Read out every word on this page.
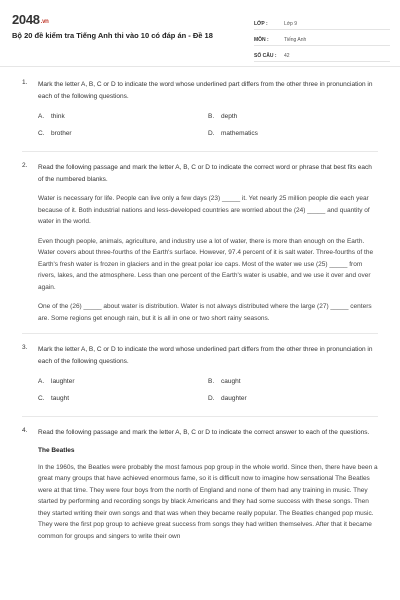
2048.vn
Bộ 20 đề kiểm tra Tiếng Anh thi vào 10 có đáp án - Đề 18
LỚP :	Lớp 9
MÔN :	Tiếng Anh
SỐ CÂU :	42
1. Mark the letter A, B, C or D to indicate the word whose underlined part differs from the other three in pronunciation in each of the following questions.
A.	think	B.	depth
C.	brother	D.	mathematics
2. Read the following passage and mark the letter A, B, C or D to indicate the correct word or phrase that best fits each of the numbered blanks.
Water is necessary for life. People can live only a few days (23) _____ it. Yet nearly 25 million people die each year because of it. Both industrial nations and less-developed countries are worried about the (24) _____ and quantity of water in the world.
Even though people, animals, agriculture, and industry use a lot of water, there is more than enough on the Earth. Water covers about three-fourths of the Earth's surface. However, 97.4 percent of it is salt water. Three-fourths of the Earth's fresh water is frozen in glaciers and in the great polar ice caps. Most of the water we use (25) _____ from rivers, lakes, and the atmosphere. Less than one percent of the Earth's water is usable, and we use it over and over again.
One of the (26) _____ about water is distribution. Water is not always distributed where the large (27) _____ centers are. Some regions get enough rain, but it is all in one or two short rainy seasons.
3. Mark the letter A, B, C or D to indicate the word whose underlined part differs from the other three in pronunciation in each of the following questions.
A.	laughter	B.	caught
C.	taught	D.	daughter
4. Read the following passage and mark the letter A, B, C or D to indicate the correct answer to each of the questions.
The Beatles
In the 1960s, the Beatles were probably the most famous pop group in the whole world. Since then, there have been a great many groups that have achieved enormous fame, so it is difficult now to imagine how sensational The Beatles were at that time. They were four boys from the north of England and none of them had any training in music. They started by performing and recording songs by black Americans and they had some success with these songs. Then they started writing their own songs and that was when they became really popular. The Beatles changed pop music. They were the first pop group to achieve great success from songs they had written themselves. After that it became common for groups and singers to write their own
